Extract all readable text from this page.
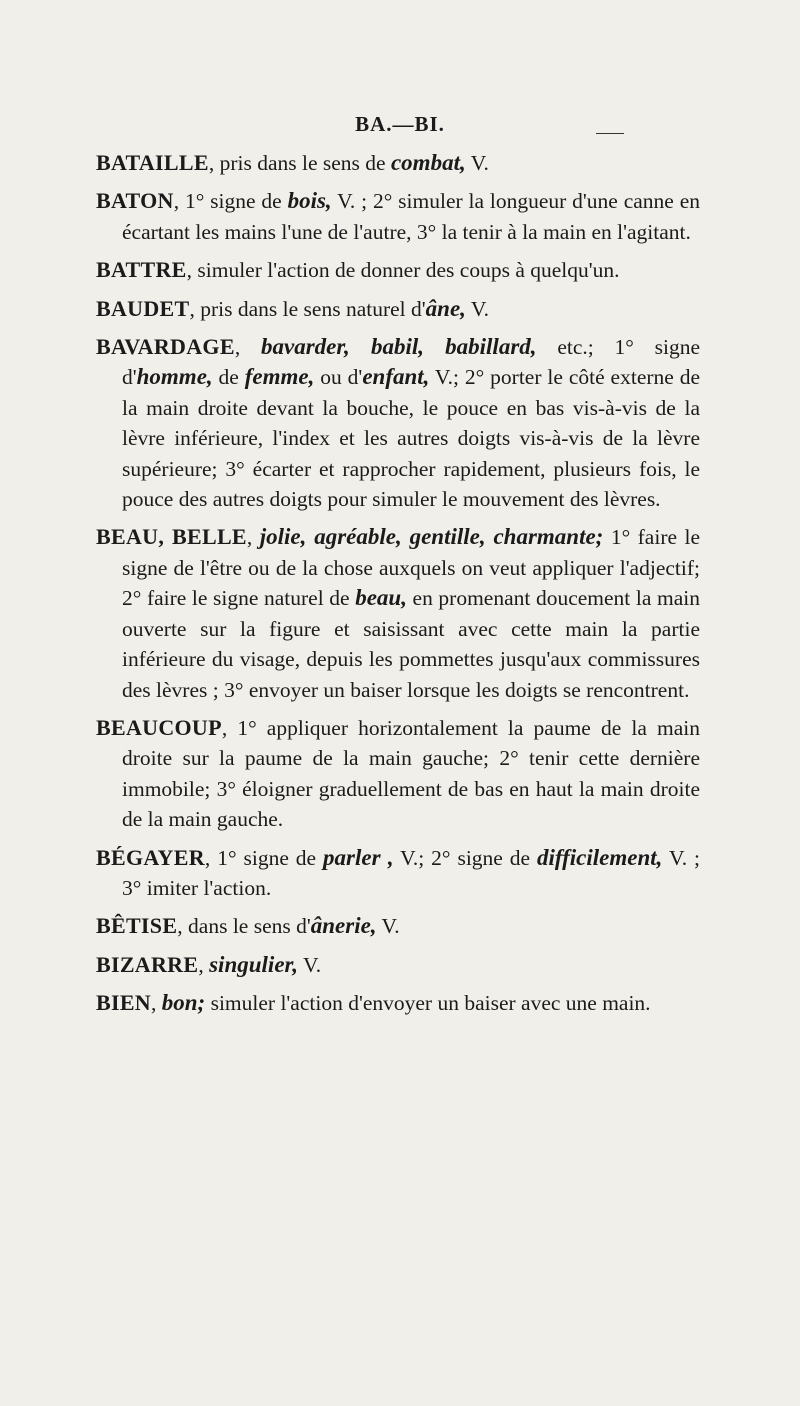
BA.—BI.

BATAILLE, pris dans le sens de combat, V.

BATON, 1° signe de bois, V. ; 2° simuler la longueur d'une canne en écartant les mains l'une de l'autre, 3° la tenir à la main en l'agitant.

BATTRE, simuler l'action de donner des coups à quelqu'un.

BAUDET, pris dans le sens naturel d'âne, V.

BAVARDAGE, bavarder, babil, babillard, etc.; 1° signe d'homme, de femme, ou d'enfant, V.; 2° porter le côté externe de la main droite devant la bouche, le pouce en bas vis-à-vis de la lèvre inférieure, l'index et les autres doigts vis-à-vis de la lèvre supérieure; 3° écarter et rapprocher rapidement, plusieurs fois, le pouce des autres doigts pour simuler le mouvement des lèvres.

BEAU, BELLE, jolie, agréable, gentille, charmante; 1° faire le signe de l'être ou de la chose auxquels on veut appliquer l'adjectif; 2° faire le signe naturel de beau, en promenant doucement la main ouverte sur la figure et saisissant avec cette main la partie inférieure du visage, depuis les pommettes jusqu'aux commissures des lèvres ; 3° envoyer un baiser lorsque les doigts se rencontrent.

BEAUCOUP, 1° appliquer horizontalement la paume de la main droite sur la paume de la main gauche; 2° tenir cette dernière immobile; 3° éloigner graduellement de bas en haut la main droite de la main gauche.

BÉGAYER, 1° signe de parler , V.; 2° signe de difficilement, V. ; 3° imiter l'action.

BÊTISE, dans le sens d'ânerie, V.

BIZARRE, singulier, V.

BIEN, bon; simuler l'action d'envoyer un baiser avec une main.
